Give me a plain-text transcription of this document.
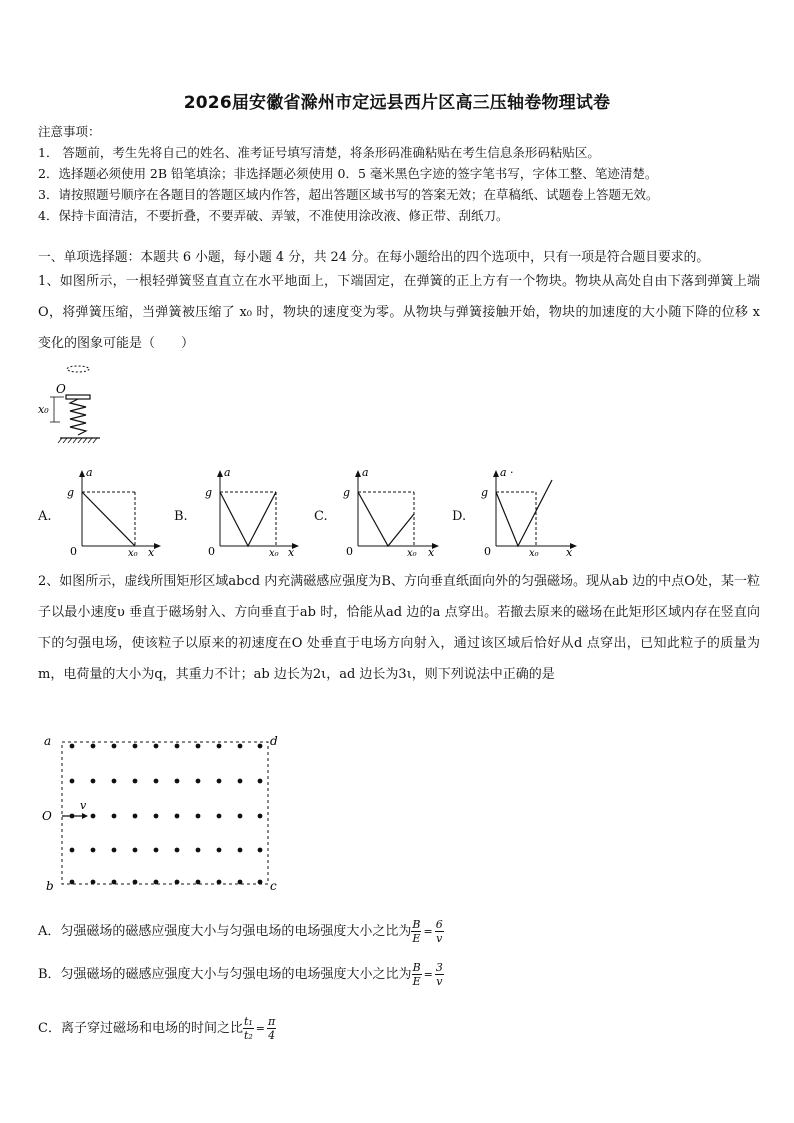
2026届安徽省滁州市定远县西片区高三压轴卷物理试卷
注意事项：
1． 答题前，考生先将自己的姓名、准考证号填写清楚，将条形码准确粘贴在考生信息条形码粘贴区。
2．选择题必须使用 2B 铅笔填涂；非选择题必须使用 0．5 毫米黑色字迹的签字笔书写，字体工整、笔迹清楚。
3．请按照题号顺序在各题目的答题区域内作答，超出答题区域书写的答案无效；在草稿纸、试题卷上答题无效。
4．保持卡面清洁，不要折叠，不要弄破、弄皱，不准使用涂改液、修正带、刮纸刀。
一、单项选择题：本题共 6 小题，每小题 4 分，共 24 分。在每小题给出的四个选项中，只有一项是符合题目要求的。
1、如图所示，一根轻弹簧竖直直立在水平地面上，下端固定，在弹簧的正上方有一个物块。物块从高处自由下落到弹簧上端 O，将弹簧压缩，当弹簧被压缩了 x₀ 时，物块的速度变为零。从物块与弹簧接触开始，物块的加速度的大小随下降的位移 x 变化的图象可能是（　　）
O
x₀
A.
a
g
0	x₀ x
B.
a
g
0	x₀ x
C.
a
g
0	x₀ x
D.
a ·
g
0	x₀ x
2、如图所示，虚线所围矩形区域abcd 内充满磁感应强度为B、方向垂直纸面向外的匀强磁场。现从ab 边的中点O处，某一粒子以最小速度υ 垂直于磁场射入、方向垂直于ab 时，恰能从ad 边的a 点穿出。若撤去原来的磁场在此矩形区域内存在竖直向下的匀强电场，使该粒子以原来的初速度在O 处垂直于电场方向射入，通过该区域后恰好从d 点穿出，已知此粒子的质量为m，电荷量的大小为q，其重力不计；ab 边长为2ι，ad 边长为3ι，则下列说法中正确的是
a	d
b	c
O
v
A．匀强磁场的磁感应强度大小与匀强电场的电场强度大小之比为 $\frac{B}{E} = \frac{6}{v}$
B．匀强磁场的磁感应强度大小与匀强电场的电场强度大小之比为 $\frac{B}{E} = \frac{3}{v}$
C．离子穿过磁场和电场的时间之比 $\frac{\text{t₁}}{\text{t₂}} = \frac{\pi}{4}$
